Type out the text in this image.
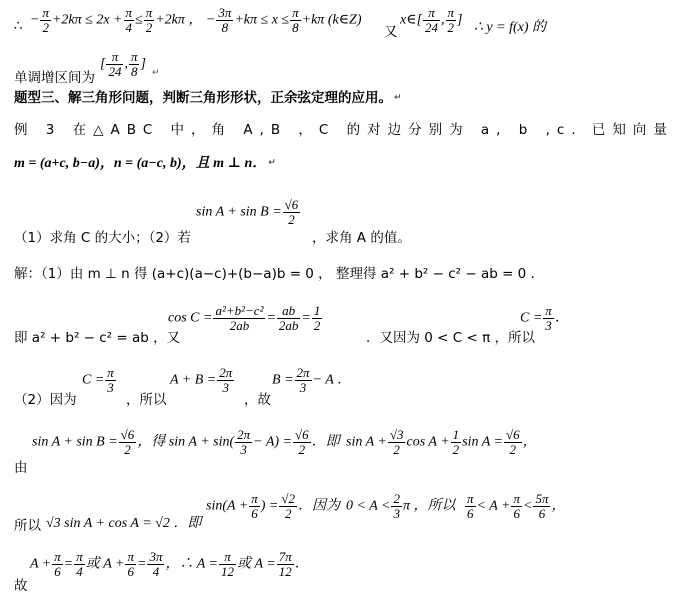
∴ − $\frac{\pi}{2} +2k\pi \le 2x + \frac{\pi}{4} \le \frac{\pi}{2} +2k\pi$ ， − $\frac{3\pi}{8} +k\pi \le x \le \frac{\pi}{8} +k\pi$ (k∈Z)
又
x∈[ $\frac{\pi}{24}$ , $\frac{\pi}{2}$ ]
∴ y = f(x) 的
单调增区间为
[ $\frac{\pi}{24}$ , $\frac{\pi}{8}$ ]
↵
题型三、解三角形问题，判断三角形形状，正余弦定理的应用。 ↵
例 3 在△ABC 中，角 A,B ，C 的对边分别为 a, b ,c．已知向量
m = (a+c, b−a)，n = (a−c, b)，且 m ⊥ n． ↵
（1）求角 C 的大小；（2）若
$\sin A + \sin B = \frac{√6}{2}$
，求角 A 的值。
解：（1）由 m ⊥ n 得 (a+c)(a−c)+(b−a)b = 0 ， 整理得 a² + b² − c² − ab = 0 ．
即 a² + b² − c² = ab ，又
$\cos C = \frac{\text{a²+b²−c²}}{2ab} = \frac{ab}{2ab} = \frac{1}{2}$
．又因为 0 < C < π ，所以
$C = \frac{\pi}{3}$ ．
（2）因为
$C = \frac{\pi}{3}$
，所以
$A + B = \frac{2\pi}{3}$
，故
$B = \frac{2\pi}{3} - A$ ．
由
$\sin A + \sin B = \frac{√6}{2}$ ，得 $\sin A + \sin( \frac{2\pi}{3} - A) = \frac{√6}{2}$ ．即 $\sin A + \frac{√3}{2}$ $\cos A + \frac{1}{2}$ $\sin A = \frac{√6}{2}$ ，
所以 √3 sin A + cos A = √2 ．即
$\sin(A + \frac{\pi}{6}$ ) = $\frac{√2}{2}$ ．因为 $0 < A < \frac{2}{3}$ π ，所以 $\frac{\pi}{6} < A + \frac{\pi}{6} < \frac{5\pi}{6}$ ，
故
$A + \frac{\pi}{6} = \frac{\pi}{4}$ 或 $A + \frac{\pi}{6} = \frac{3\pi}{4}$ ，∴ $A = \frac{\pi}{12}$ 或 $A = \frac{7\pi}{12}$ ．
